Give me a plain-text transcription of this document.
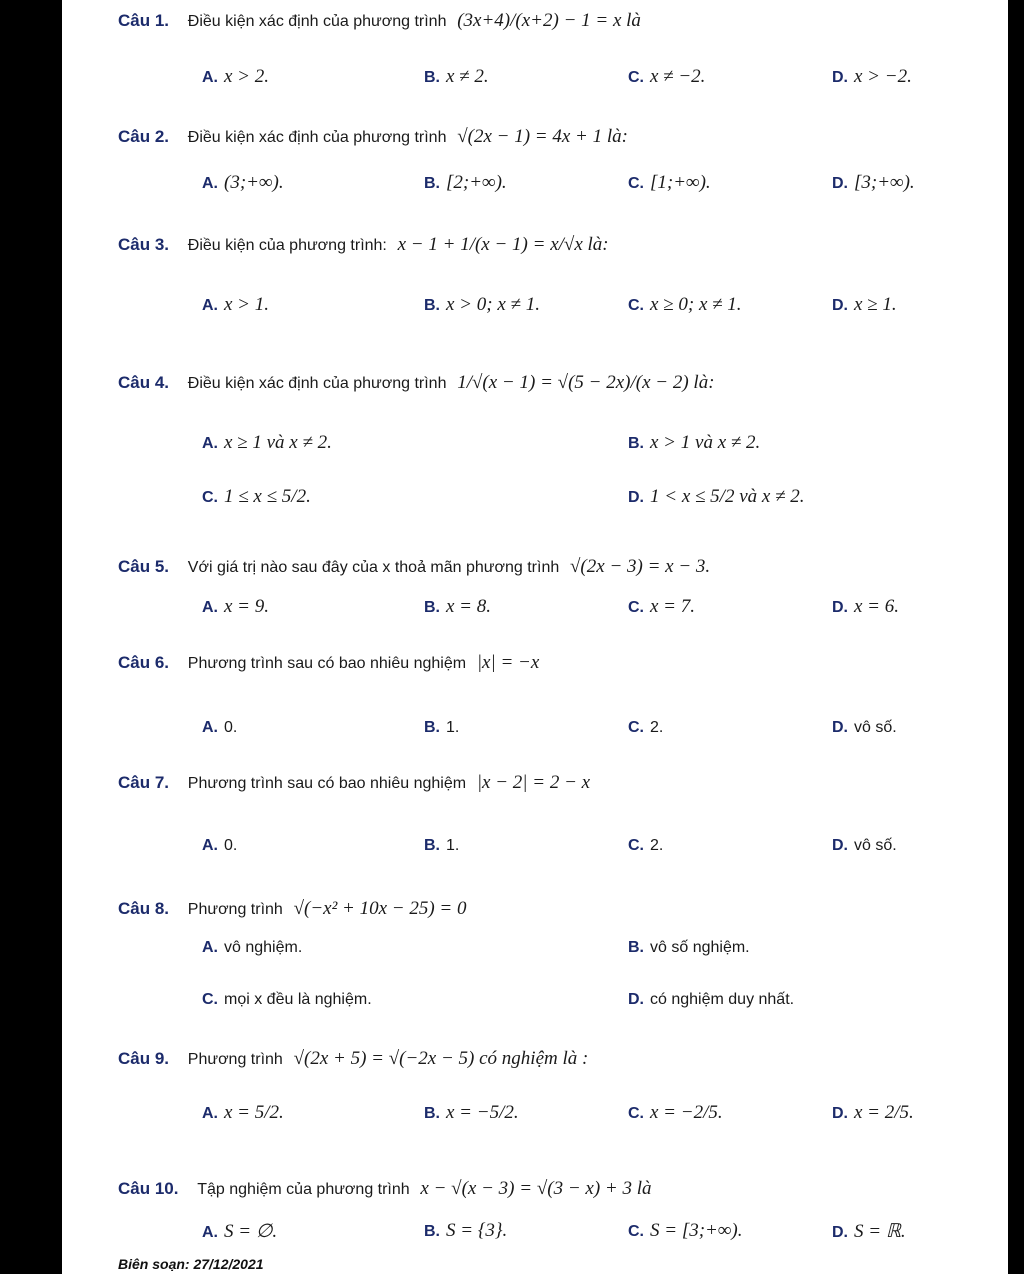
Câu 1. Điều kiện xác định của phương trình (3x+4)/(x+2) − 1 = x là
A. x > 2.	B. x ≠ 2.	C. x ≠ −2.	D. x > −2.
Câu 2. Điều kiện xác định của phương trình √(2x − 1) = 4x + 1 là:
A. (3;+∞).	B. [2;+∞).	C. [1;+∞).	D. [3;+∞).
Câu 3. Điều kiện của phương trình: x − 1 + 1/(x − 1) = x/√x là:
A. x > 1.	B. x > 0; x ≠ 1.	C. x ≥ 0; x ≠ 1.	D. x ≥ 1.
Câu 4. Điều kiện xác định của phương trình 1/√(x − 1) = √(5 − 2x)/(x − 2) là:
A. x ≥ 1 và x ≠ 2.	B. x > 1 và x ≠ 2.
C. 1 ≤ x ≤ 5/2.	D. 1 < x ≤ 5/2 và x ≠ 2.
Câu 5. Với giá trị nào sau đây của x thoả mãn phương trình √(2x − 3) = x − 3.
A. x = 9.	B. x = 8.	C. x = 7.	D. x = 6.
Câu 6. Phương trình sau có bao nhiêu nghiệm |x| = −x
A. 0.	B. 1.	C. 2.	D. vô số.
Câu 7. Phương trình sau có bao nhiêu nghiệm |x − 2| = 2 − x
A. 0.	B. 1.	C. 2.	D. vô số.
Câu 8. Phương trình √(−x² + 10x − 25) = 0
A. vô nghiệm.	B. vô số nghiệm.
C. mọi x đều là nghiệm.	D. có nghiệm duy nhất.
Câu 9. Phương trình √(2x + 5) = √(−2x − 5) có nghiệm là :
A. x = 5/2.	B. x = −5/2.	C. x = −2/5.	D. x = 2/5.
Câu 10. Tập nghiệm của phương trình x − √(x − 3) = √(3 − x) + 3 là
A. S = ∅.	B. S = {3}.	C. S = [3;+∞).	D. S = ℝ.
Biên soạn: 27/12/2021
